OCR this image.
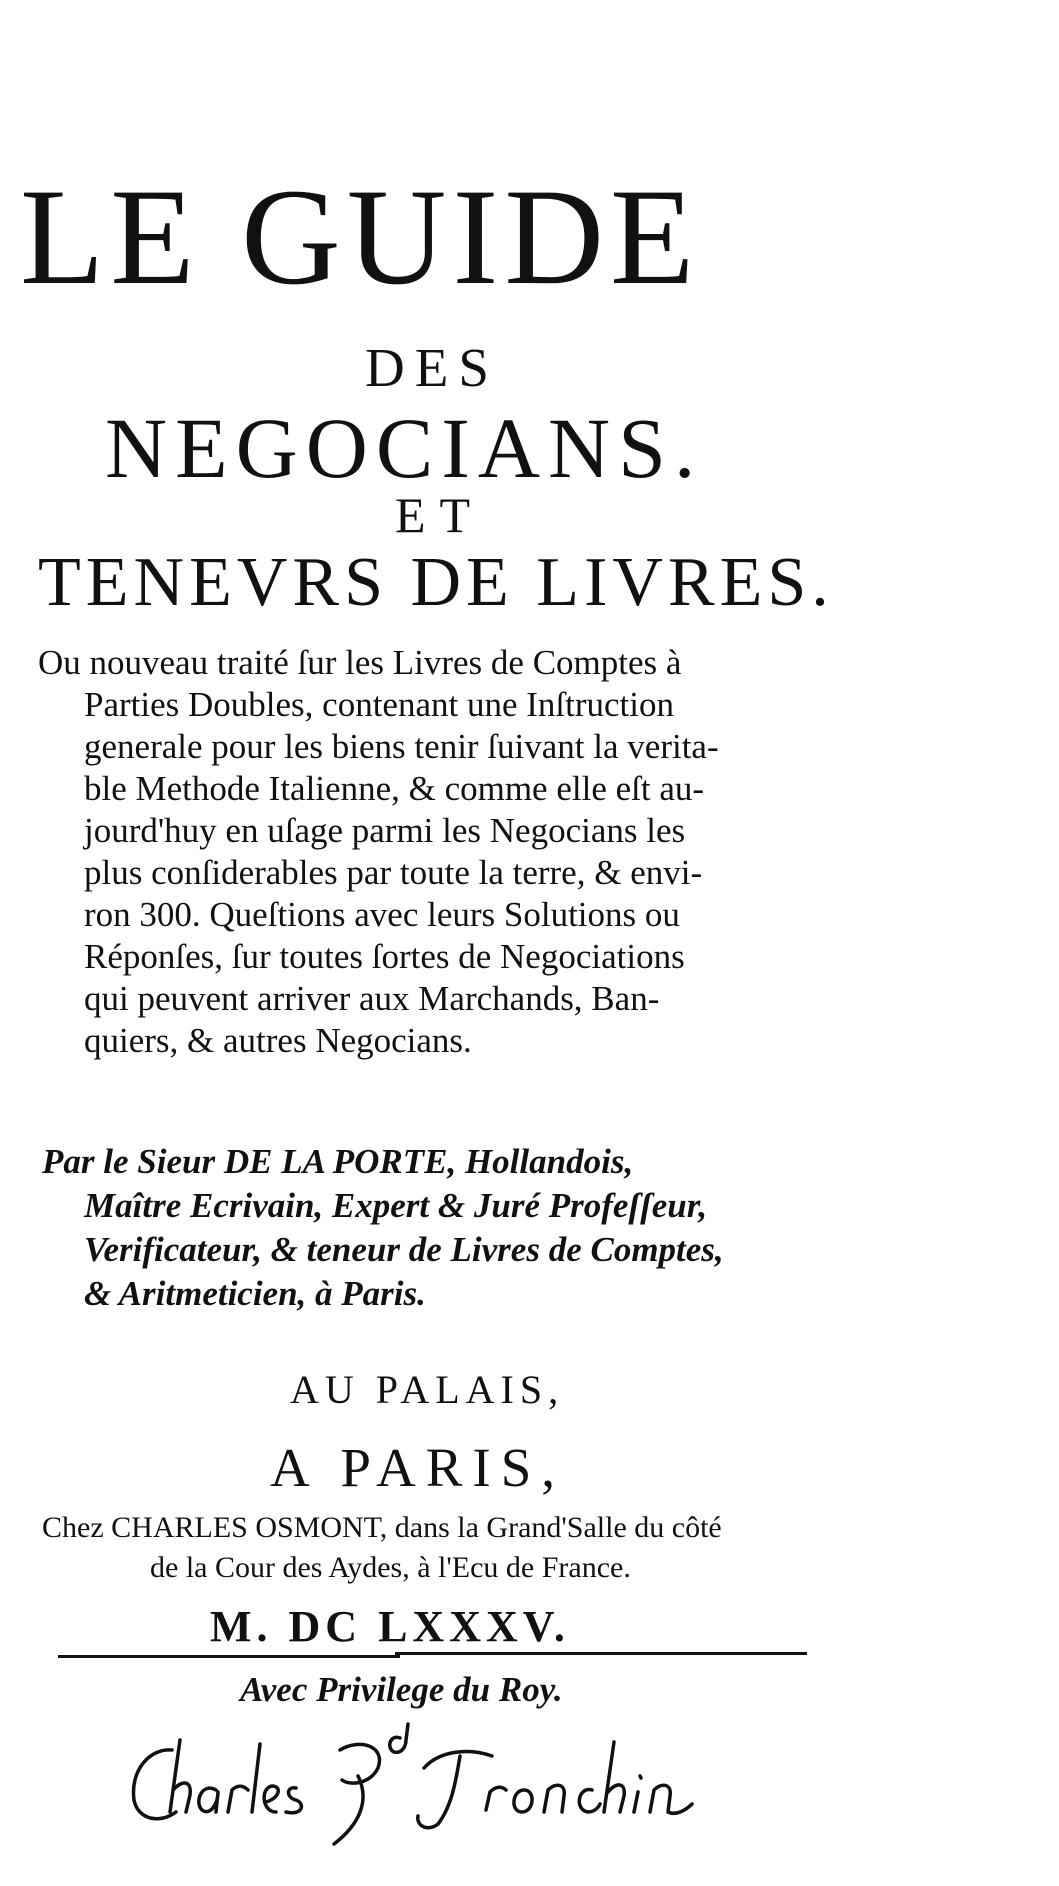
LE GUIDE
DES
NEGOCIANS.
ET
TENEVRS DE LIVRES.
Ou nouveau traité ſur les Livres de Comptes à
Parties Doubles, contenant une Inſtruction
generale pour les biens tenir ſuivant la verita-
ble Methode Italienne, & comme elle eſt au-
jourd'huy en uſage parmi les Negocians les
plus conſiderables par toute la terre, & envi-
ron 300. Queſtions avec leurs Solutions ou
Réponſes, ſur toutes ſortes de Negociations
qui peuvent arriver aux Marchands, Ban-
quiers, & autres Negocians.
Par le Sieur DE LA PORTE, Hollandois,
Maître Ecrivain, Expert & Juré Profeſſeur,
Verificateur, & teneur de Livres de Comptes,
& Aritmeticien, à Paris.
AU PALAIS,
A PARIS,
Chez CHARLES OSMONT, dans la Grand'Salle du côté
de la Cour des Aydes, à l'Ecu de France.
M. DC LXXXV.
Avec Privilege du Roy.
